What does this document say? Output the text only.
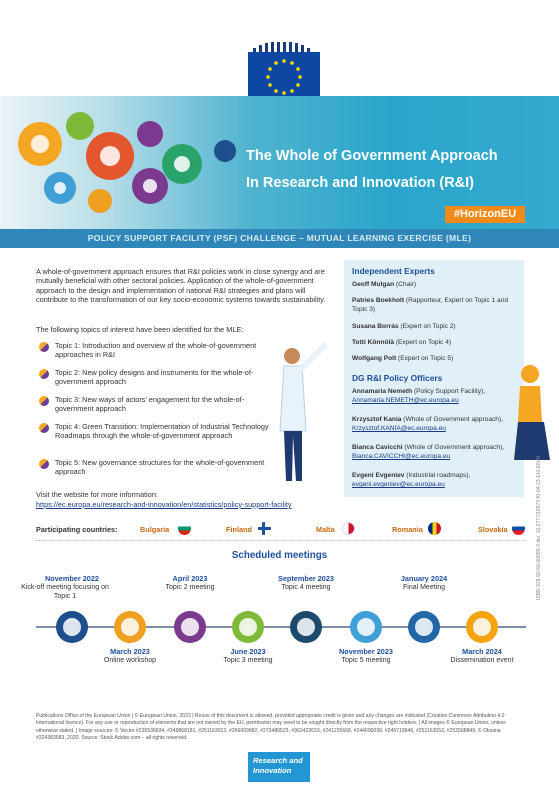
The Whole of Government Approach
In Research and Innovation (R&I)
#HorizonEU
POLICY SUPPORT FACILITY (PSF) CHALLENGE – MUTUAL LEARNING EXERCISE (MLE)
A whole-of-government approach ensures that R&I policies work in close synergy and are mutually beneficial with other sectoral policies. Application of the whole-of-government approach to the design and implementation of national R&I strategies and plans will contribute to the transformation of our key socio-economic systems towards sustainability.
The following topics of interest have been identified for the MLE:
Topic 1: Introduction and overview of the whole-of-government approaches in R&I
Topic 2: New policy designs and instruments for the whole-of-government approach
Topic 3: New ways of actors’ engagement for the whole-of-government approach
Topic 4: Green Transition: Implementation of Industrial Technology Roadmaps through the whole-of-government approach
Topic 5: New governance structures for the whole-of-government approach
Visit the website for more information:
https://ec.europa.eu/research-and-innovation/en/statistics/policy-support-facility
Independent Experts
Geoff Mulgan (Chair)
Patries Boekholt (Rapporteur, Expert on Topic 1 and Topic 3)
Susana Borrás (Expert on Topic 2)
Totti Könnölä (Expert on Topic 4)
Wolfgang Polt (Expert on Topic 5)
DG R&I Policy Officers
Annamaria Nemeth (Policy Support Facility), Annamaria.NEMETH@ec.europa.eu
Krzysztof Kania (Whole of Government approach), Krzysztof.KANIA@ec.europa.eu
Bianca Cavicchi (Whole of Government approach), Bianca.CAVICCHI@ec.europa.eu
Evgeni Evgeniev (Industrial roadmaps), evgeni.evgeniev@ec.europa.eu
Participating countries:	Bulgaria	Finland	Malta	Romania	Slovakia
Scheduled meetings
November 2022
Kick-off meeting focusing on Topic 1
March 2023
Online workshop
April 2023
Topic 2 meeting
June 2023
Topic 3 meeting
September 2023
Topic 4 meeting
November 2023
Topic 5 meeting
January 2024
Final Meeting
March 2024
Dissemination event
Publications Office of the European Union | © European Union, 2023 | Reuse of this document is allowed, provided appropriate credit is given and any changes are indicated (Creative Commons Attribution 4.0 International licence). For any use or reproduction of elements that are not owned by the EU, permission may need to be sought directly from the respective right holders. | All images © European Union, unless otherwise stated. | Image sources: © Vector #235536634, #249868181, #251163013, #266009682, #273480523, #362422633, #241235668, #244690030, #245719946, #251163053, #252508849, © Oksana #224383683, 2020. Source: Stock.Adobe.com – all rights reserved.
Research and Innovation
ISBN 978-92-68-00885-3 doi: 10.2777/18973 KI-04-23-110-EN-N
